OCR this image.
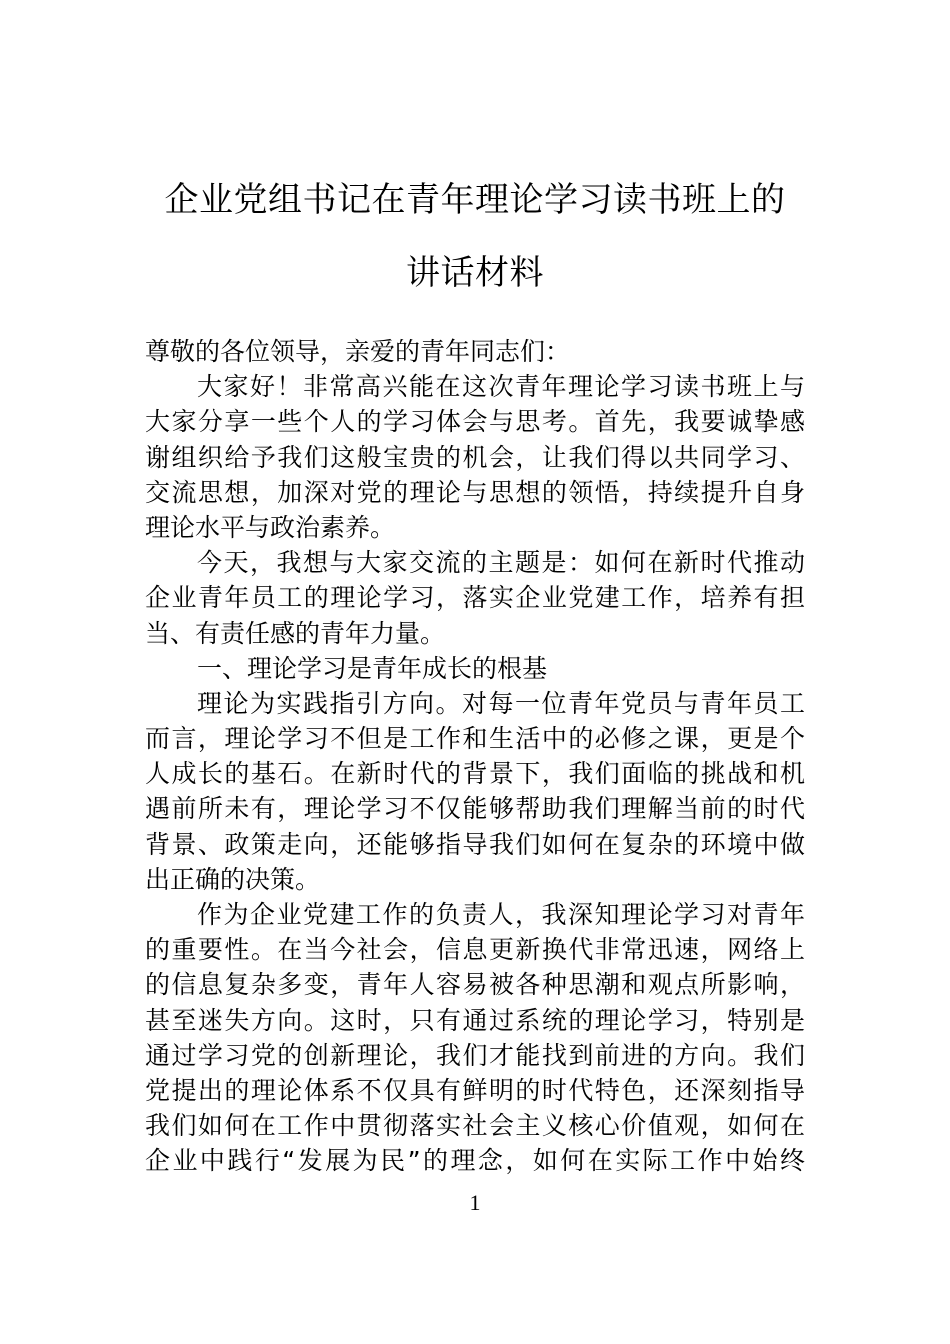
企业党组书记在青年理论学习读书班上的
讲话材料
尊敬的各位领导，亲爱的青年同志们：
大家好！非常高兴能在这次青年理论学习读书班上与
大家分享一些个人的学习体会与思考。首先，我要诚挚感
谢组织给予我们这般宝贵的机会，让我们得以共同学习、
交流思想，加深对党的理论与思想的领悟，持续提升自身
理论水平与政治素养。
今天，我想与大家交流的主题是：如何在新时代推动
企业青年员工的理论学习，落实企业党建工作，培养有担
当、有责任感的青年力量。
一、理论学习是青年成长的根基
理论为实践指引方向。对每一位青年党员与青年员工
而言，理论学习不但是工作和生活中的必修之课，更是个
人成长的基石。在新时代的背景下，我们面临的挑战和机
遇前所未有，理论学习不仅能够帮助我们理解当前的时代
背景、政策走向，还能够指导我们如何在复杂的环境中做
出正确的决策。
作为企业党建工作的负责人，我深知理论学习对青年
的重要性。在当今社会，信息更新换代非常迅速，网络上
的信息复杂多变，青年人容易被各种思潮和观点所影响，
甚至迷失方向。这时，只有通过系统的理论学习，特别是
通过学习党的创新理论，我们才能找到前进的方向。我们
党提出的理论体系不仅具有鲜明的时代特色，还深刻指导
我们如何在工作中贯彻落实社会主义核心价值观，如何在
企业中践行“发展为民”的理念，如何在实际工作中始终
1
